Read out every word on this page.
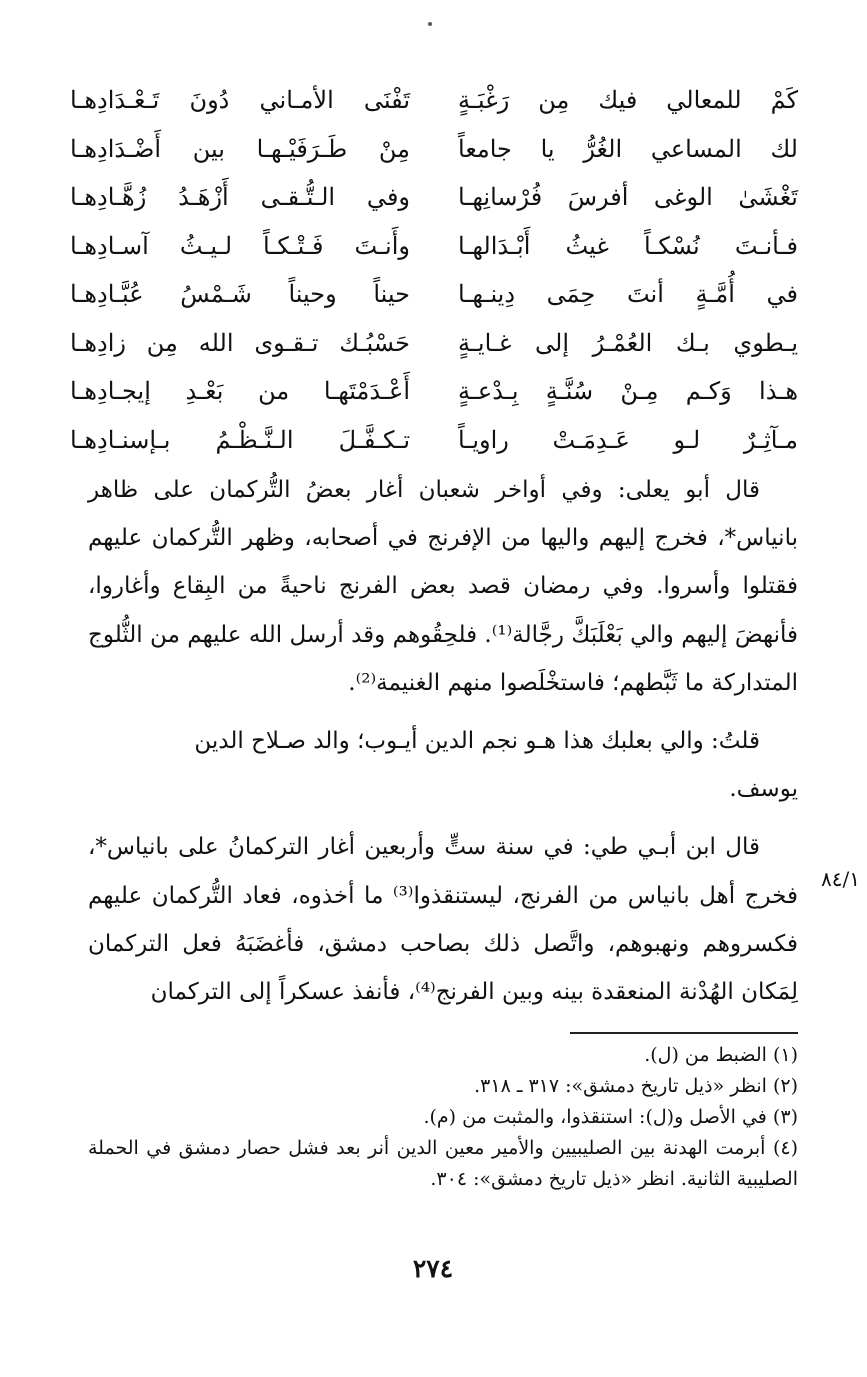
كَمْ للمعالي فيك مِن رَغْبَـةٍ
تَفْنَى الأمـاني دُونَ تَـعْـدَادِهـا
لك المساعي الغُرُّ يا جامعاً
مِنْ طَـرَفَيْـهـا بين أَضْـدَادِهـا
تَغْشَىٰ الوغى أفرسَ فُرْسانِهـا
وفي الـتُّـقـى أَزْهَـدُ زُهَّـادِهـا
فـأنـتَ نُسْكـاً غيثُ أَبْـدَالهـا
وأَنـتَ فَـتْـكـاً لـيـثُ آسـادِهـا
في أُمَّـةٍ أنتَ حِمَى دِينـهـا
حيناً وحيناً شَـمْسُ عُبَّـادِهـا
يـطوي بـك العُمْـرُ إلى غـايـةٍ
حَسْبُـك تـقـوى الله مِن زادِهـا
هـذا وَكـم مِـنْ سُنَّـةٍ بِـدْعـةٍ
أَعْـدَمْتَهـا من بَعْـدِ إيجـادِهـا
مـآثِـرٌ لـو عَـدِمَـتْ راويـاً
تـكـفَّـلَ الـنَّـظْـمُ بـإسنـادِهـا

قال أبو يعلى: وفي أواخر شعبان أغار بعضُ التُّركمان على ظاهر بانياس*، فخرج إليهم واليها من الإفرنج في أصحابه، وظهر التُّركمان عليهم فقتلوا وأسروا. وفي رمضان قصد بعض الفرنج ناحيةً من البِقاع وأغاروا، فأنهضَ إليهم والي بَعْلَبَكَّ رجَّالة⁽¹⁾. فلحِقُوهم وقد أرسل الله عليهم من الثُّلوج المتداركة ما ثَبَّطهم؛ فاستخْلَصوا منهم الغنيمة⁽²⁾.

قلتُ: والي بعلبك هذا هـو نجم الدين أيـوب؛ والد صـلاح الدين
يوسف.

قال ابن أبـي طي: في سنة ستٍّ وأربعين أغار التركمانُ على بانياس*، فخرج أهل بانياس من الفرنج، ليستنقذوا⁽³⁾ ما أخذوه، فعاد التُّركمان عليهم فكسروهم ونهبوهم، واتَّصل ذلك بصاحب دمشق، فأغضَبَهُ فعل التركمان لِمَكان الهُدْنة المنعقدة بينه وبين الفرنج⁽⁴⁾، فأنفذ عسكراً إلى التركمان

٨٤/١

(١) الضبط من (ل).

(٢) انظر «ذيل تاريخ دمشق»: ٣١٧ ـ ٣١٨.

(٣) في الأصل و(ل): استنقذوا، والمثبت من (م).

(٤) أبرمت الهدنة بين الصليبيين والأمير معين الدين أنر بعد فشل حصار دمشق في الحملة الصليبية الثانية. انظر «ذيل تاريخ دمشق»: ٣٠٤.

٢٧٤
